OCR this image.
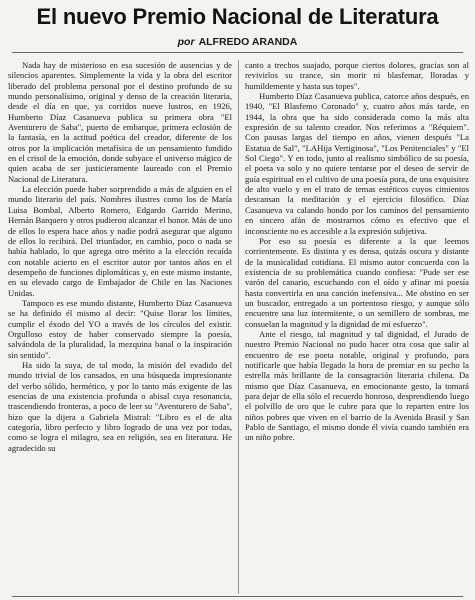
El nuevo Premio Nacional de Literatura
por ALFREDO ARANDA

Nada hay de misterioso en esa sucesión de ausencias y de silencios aparentes. Simplemente la vida y la obra del escritor liberado del problema personal por el destino profundo de su mundo personalísimo, original y denso de la creación literaria, desde el día en que, ya corridos nueve lustros, en 1926, Humberto Díaz Casanueva publica su primera obra "El Aventurero de Saba", puerto de embarque, primera eclosión de la fantasía, en la actitud poética del creador, diferente de los otros por la implicación metafísica de un pensamiento fundido en el crisol de la emoción, donde subyace el universo mágico de quien acaba de ser justicieramente laureado con el Premio Nacional de Literatura.

La elección puede haber sorprendido a más de alguien en el mundo literario del país. Nombres ilustres como los de María Luisa Bombal, Alberto Romero, Edgardo Garrido Merino, Hernán Barquero y otros pudieron alcanzar el honor. Más de uno de ellos lo espera hace años y nadie podrá asegurar que alguno de ellos lo recibirá. Del triunfador, en cambio, poco o nada se había hablado, lo que agrega otro mérito a la elección recaída con notable acierto en el escritor autor por tantos años en el desempeño de funciones diplomáticas y, en este mismo instante, en su elevado cargo de Embajador de Chile en las Naciones Unidas.

Tampoco es ese mundo distante, Humberto Díaz Casanueva se ha definido él mismo al decir: "Quise llorar los límites, cumplir el éxodo del YO a través de los círculos del existir. Orgulloso estoy de haber conservado siempre la poesía, salvándola de la pluralidad, la mezquina banal o la inspiración sin sentido".

Ha sido la suya, de tal modo, la misión del evadido del mundo trivial de los cansados, en una búsqueda impresionante del verbo sólido, hermético, y por lo tanto más exigente de las esencias de una existencia profunda o abisal cuya resonancia, trascendiendo fronteras, a poco de leer su "Aventurero de Saba", hizo que la dijera a Gabriela Mistral: "Libro es el de alta categoría, libro perfecto y libro logrado de una vez por todas, como se logra el milagro, sea en religión, sea en literatura. He agradecido su

canto a trechos suajado, porque ciertos dolores, gracias son al revivirlos su trance, sin morir ni blasfemar, lloradas y humildemente y hasta sus topes".

Humberto Díaz Casanueva publica, catorce años después, en 1940, "El Blasfemo Coronado" y, cuatro años más tarde, en 1944, la obra que ha sido considerada como la más alta expresión de su talento creador. Nos referimos a "Réquiem". Con pausas largas del tiempo en años, vienen después "La Estatua de Sal", "LAHija Vertiginosa", "Los Penitenciales" y "El Sol Ciego". Y en todo, junto al realismo simbólico de su poesía, el poeta va solo y no quiere tentarse por el deseo de servir de guía espiritual en el cultivo de una poesía pura, de una exquisitez de alto vuelo y en el trato de temas estéticos cuyos cimientos descansan la meditación y el ejercicio filosófico. Díaz Casanueva va calando hondo por los caminos del pensamiento en sincero afán de mostrarnos cómo es efectivo que el inconsciente no es accesible a la expresión subjetiva.

Por eso su poesía es diferente a la que leemos corrientemente. Es distinta y es densa, quizás oscura y distante de la musicalidad cotidiana. El mismo autor concuerda con la existencia de su problemática cuando confiesa: "Pude ser ese varón del canario, escuchando con el oído y afinar mi poesía hasta convertirla en una canción inefensiva... Me obstino en ser un buscador, entregado a un portentoso riesgo, y aunque sólo encuentre una luz intermitente, o un semillero de sombras, me consuelan la magnitud y la dignidad de mi esfuerzo".

Ante el riesgo, tal magnitud y tal dignidad, el Jurado de nuestro Premio Nacional no pudo hacer otra cosa que salir al encuentro de ese poeta notable, original y profundo, para notificarle que había llegado la hora de premiar en su pecho la estrella más brillante de la consagración literaria chilena. Da mismo que Díaz Casanueva, en emocionante gesto, la tomará para dejar de ella sólo el recuerdo honroso, desprendiendo luego el polvillo de oro que le cubre para que lo reparten entre los niños pobres que viven en el barrio de la Avenida Brasil y San Pablo de Santiago, el mismo donde él vivía cuando también era un niño pobre.
